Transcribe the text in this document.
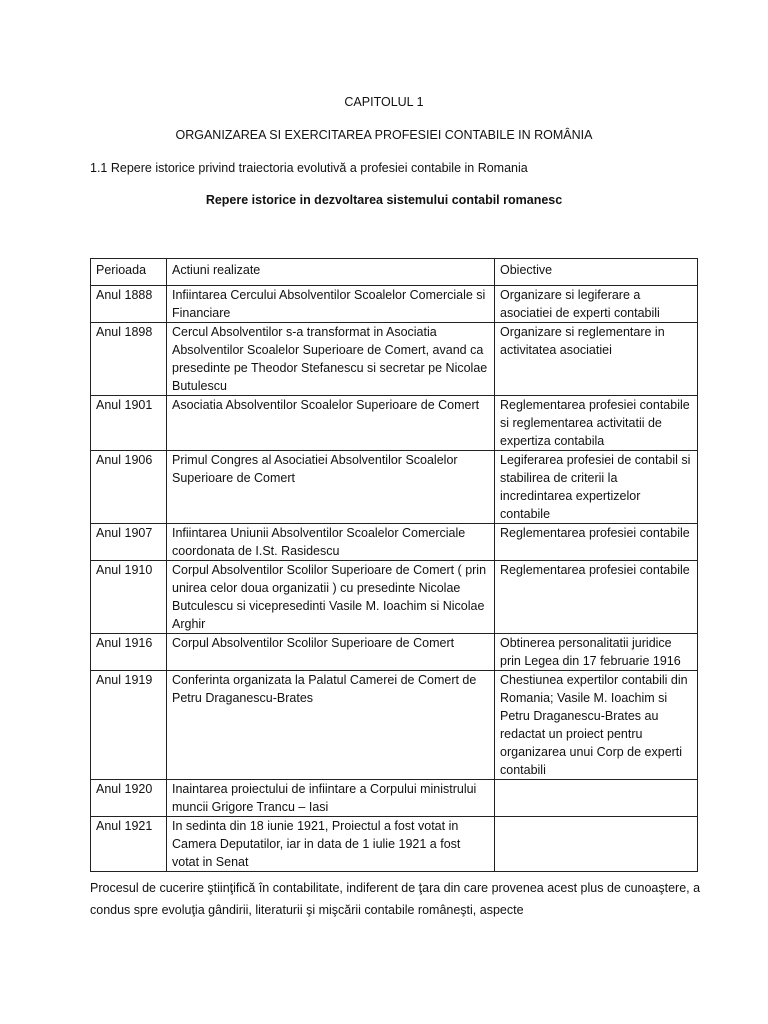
CAPITOLUL 1
ORGANIZAREA SI EXERCITAREA PROFESIEI CONTABILE IN ROMÂNIA
1.1 Repere istorice privind traiectoria evolutivă a profesiei contabile in Romania
Repere istorice in dezvoltarea sistemului contabil romanesc
Perioada	Actiuni realizate	Obiective
Anul 1888	Infiintarea Cercului Absolventilor Scoalelor Comerciale si Financiare	Organizare si legiferare a asociatiei de experti contabili
Anul 1898	Cercul Absolventilor s-a transformat in Asociatia Absolventilor Scoalelor Superioare de Comert, avand ca presedinte pe Theodor Stefanescu si secretar pe Nicolae Butulescu	Organizare si reglementare in activitatea asociatiei
Anul 1901	Asociatia Absolventilor Scoalelor Superioare de Comert	Reglementarea profesiei contabile si reglementarea activitatii de expertiza contabila
Anul 1906	Primul Congres al Asociatiei Absolventilor Scoalelor Superioare de Comert	Legiferarea profesiei de contabil si stabilirea de criterii la incredintarea expertizelor contabile
Anul 1907	Infiintarea Uniunii Absolventilor Scoalelor Comerciale coordonata de I.St. Rasidescu	Reglementarea profesiei contabile
Anul 1910	Corpul Absolventilor Scolilor Superioare de Comert ( prin unirea celor doua organizatii ) cu presedinte Nicolae Butculescu si vicepresedinti Vasile M. Ioachim si Nicolae Arghir	Reglementarea profesiei contabile
Anul 1916	Corpul Absolventilor Scolilor Superioare de Comert	Obtinerea personalitatii juridice prin Legea din 17 februarie 1916
Anul 1919	Conferinta organizata la Palatul Camerei de Comert de Petru Draganescu-Brates	Chestiunea expertilor contabili din Romania; Vasile M. Ioachim si Petru Draganescu-Brates au redactat un proiect pentru organizarea unui Corp de experti contabili
Anul 1920	Inaintarea proiectului de infiintare a Corpului ministrului muncii Grigore Trancu – Iasi	
Anul 1921	In sedinta din 18 iunie 1921, Proiectul a fost votat in Camera Deputatilor, iar in data de 1 iulie 1921 a fost votat in Senat	
Procesul de cucerire ştiinţifică în contabilitate, indiferent de ţara din care provenea acest plus de cunoaştere, a condus spre evoluţia gândirii, literaturii şi mişcării contabile româneşti, aspecte
